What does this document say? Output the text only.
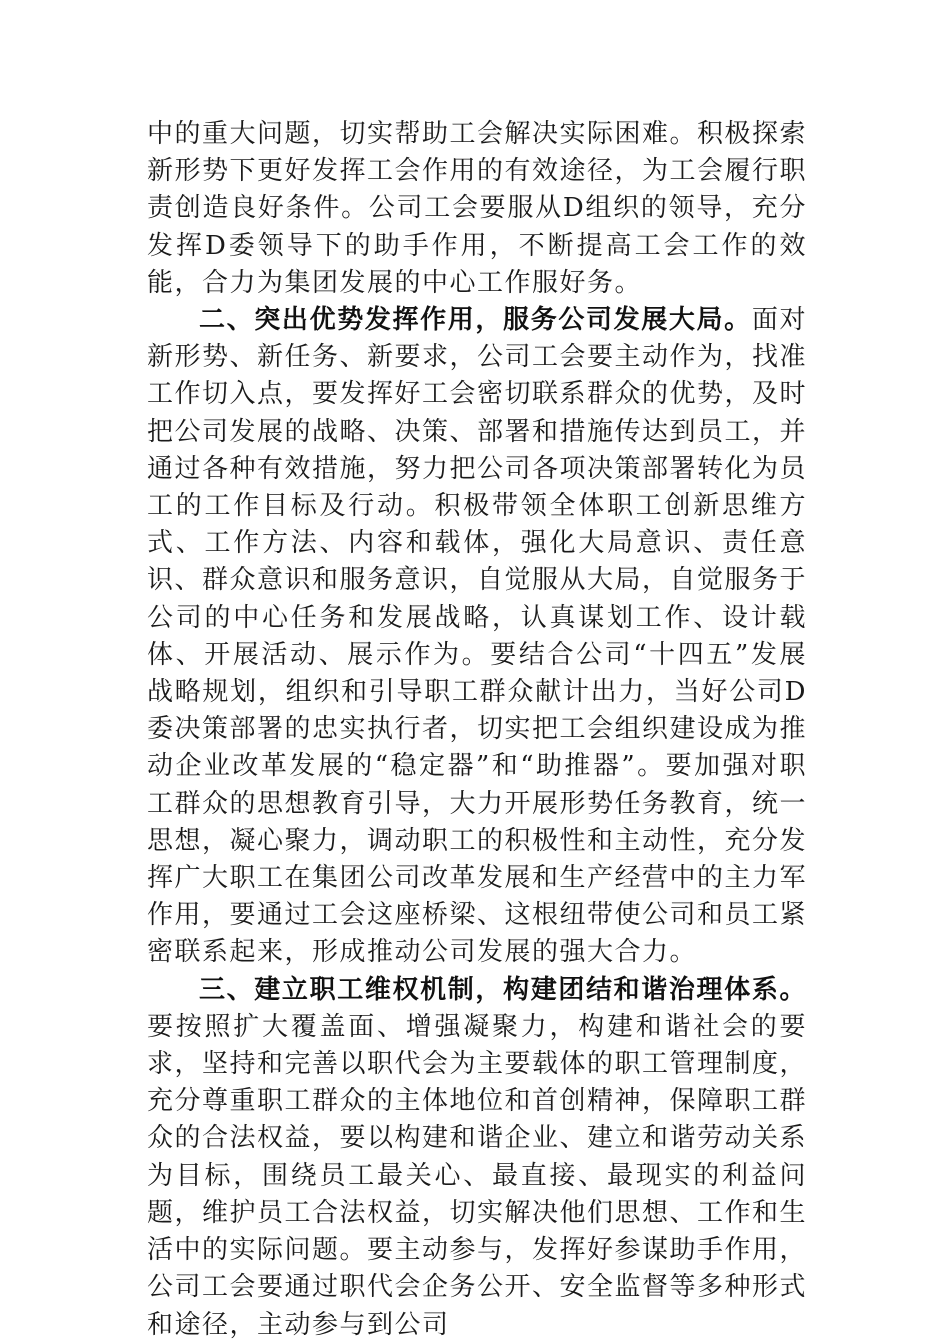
中的重大问题，切实帮助工会解决实际困难。积极探索新形势下更好发挥工会作用的有效途径，为工会履行职责创造良好条件。公司工会要服从D组织的领导，充分发挥D委领导下的助手作用，不断提高工会工作的效能，合力为集团发展的中心工作服好务。

二、突出优势发挥作用，服务公司发展大局。面对新形势、新任务、新要求，公司工会要主动作为，找准工作切入点，要发挥好工会密切联系群众的优势，及时把公司发展的战略、决策、部署和措施传达到员工，并通过各种有效措施，努力把公司各项决策部署转化为员工的工作目标及行动。积极带领全体职工创新思维方式、工作方法、内容和载体，强化大局意识、责任意识、群众意识和服务意识，自觉服从大局，自觉服务于公司的中心任务和发展战略，认真谋划工作、设计载体、开展活动、展示作为。要结合公司“十四五”发展战略规划，组织和引导职工群众献计出力，当好公司D委决策部署的忠实执行者，切实把工会组织建设成为推动企业改革发展的“稳定器”和“助推器”。要加强对职工群众的思想教育引导，大力开展形势任务教育，统一思想，凝心聚力，调动职工的积极性和主动性，充分发挥广大职工在集团公司改革发展和生产经营中的主力军作用，要通过工会这座桥梁、这根纽带使公司和员工紧密联系起来，形成推动公司发展的强大合力。

三、建立职工维权机制，构建团结和谐治理体系。要按照扩大覆盖面、增强凝聚力，构建和谐社会的要求，坚持和完善以职代会为主要载体的职工管理制度，充分尊重职工群众的主体地位和首创精神，保障职工群众的合法权益，要以构建和谐企业、建立和谐劳动关系为目标，围绕员工最关心、最直接、最现实的利益问题，维护员工合法权益，切实解决他们思想、工作和生活中的实际问题。要主动参与，发挥好参谋助手作用，公司工会要通过职代会企务公开、安全监督等多种形式和途径，主动参与到公司
